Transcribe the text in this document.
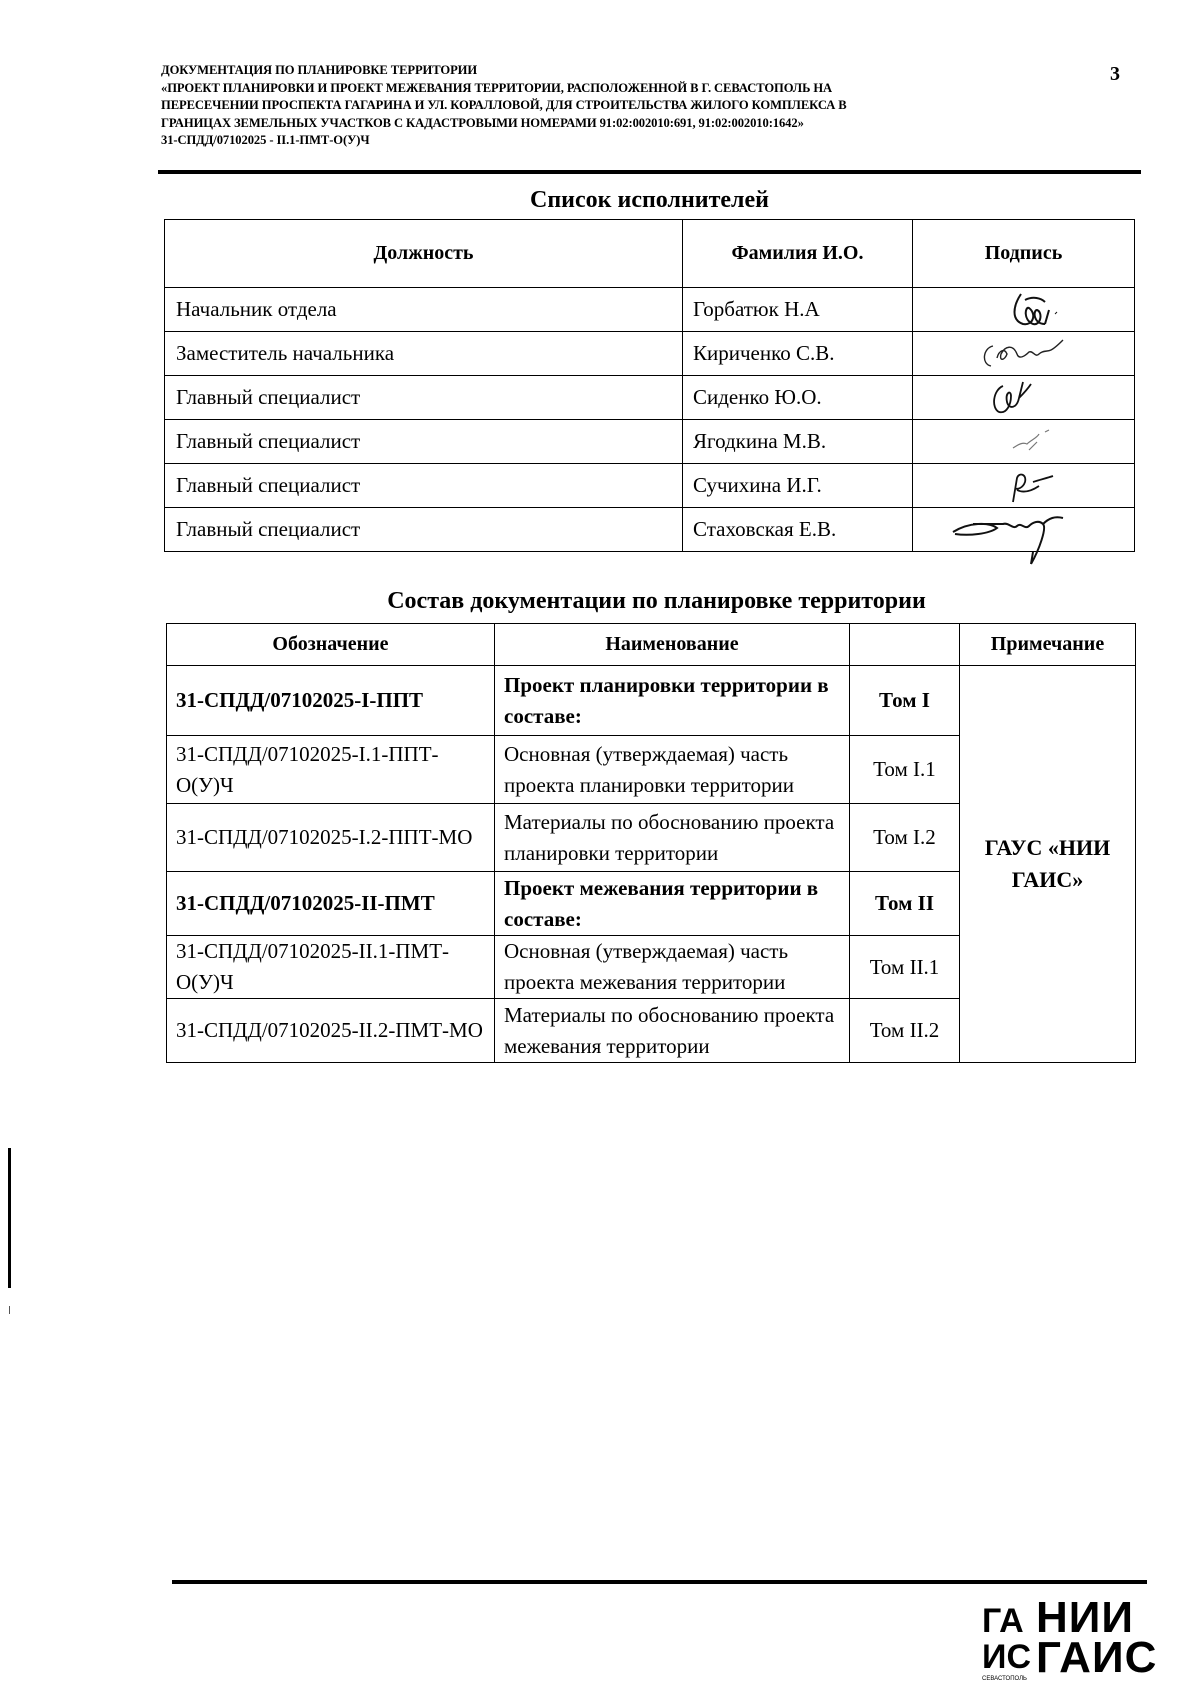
ДОКУМЕНТАЦИЯ ПО ПЛАНИРОВКЕ ТЕРРИТОРИИ
«ПРОЕКТ ПЛАНИРОВКИ И ПРОЕКТ МЕЖЕВАНИЯ ТЕРРИТОРИИ, РАСПОЛОЖЕННОЙ В Г. СЕВАСТОПОЛЬ НА
ПЕРЕСЕЧЕНИИ ПРОСПЕКТА ГАГАРИНА И УЛ. КОРАЛЛОВОЙ, ДЛЯ СТРОИТЕЛЬСТВА ЖИЛОГО КОМПЛЕКСА В
ГРАНИЦАХ ЗЕМЕЛЬНЫХ УЧАСТКОВ С КАДАСТРОВЫМИ НОМЕРАМИ 91:02:002010:691, 91:02:002010:1642»
31-СПДД/07102025 - II.1-ПМТ-О(У)Ч
3
Список исполнителей
Должность	Фамилия И.О.	Подпись
Начальник отдела	Горбатюк Н.А	

Заместитель начальника	Кириченко С.В.	

Главный специалист	Сиденко Ю.О.	

Главный специалист	Ягодкина М.В.	

Главный специалист	Сучихина И.Г.	

Главный специалист	Стаховская Е.В.	
Состав документации по планировке территории
Обозначение	Наименование		Примечание
31-СПДД/07102025-I-ППТ	Проект планировки территории в составе:	Том I	ГАУС «НИИ ГАИС»
31-СПДД/07102025-I.1-ППТ-О(У)Ч	Основная (утверждаемая) часть проекта планировки территории	Том I.1	
31-СПДД/07102025-I.2-ППТ-МО	Материалы по обоснованию проекта планировки территории	Том I.2	
31-СПДД/07102025-II-ПМТ	Проект межевания территории в составе:	Том II	
31-СПДД/07102025-II.1-ПМТ-О(У)Ч	Основная (утверждаемая) часть проекта межевания территории	Том II.1	
31-СПДД/07102025-II.2-ПМТ-МО	Материалы по обоснованию проекта межевания территории	Том II.2	
ГА
ИС
СЕВАСТОПОЛЬ
НИИ
ГАИС
